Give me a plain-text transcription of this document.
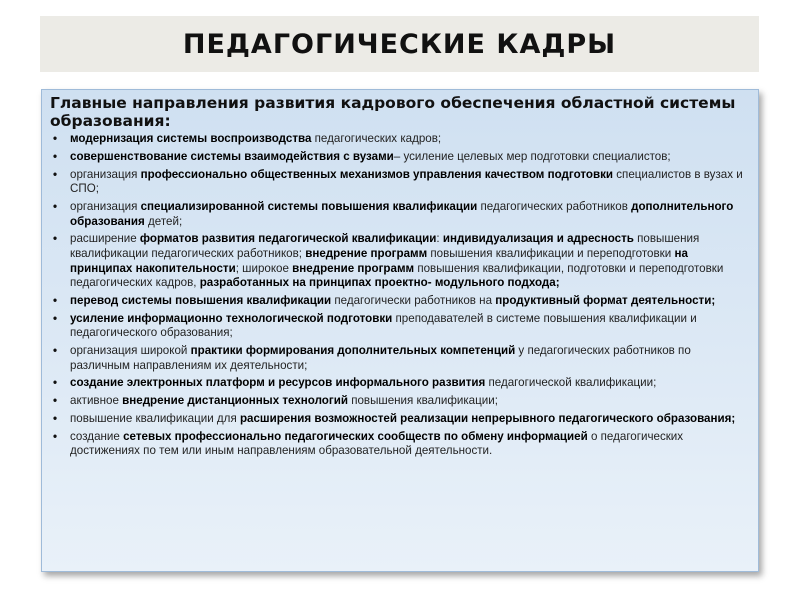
ПЕДАГОГИЧЕСКИЕ КАДРЫ

Главные направления развития кадрового обеспечения областной системы образования:

• модернизация системы воспроизводства педагогических кадров;
• совершенствование системы взаимодействия с вузами– усиление целевых мер подготовки специалистов;
• организация профессионально общественных механизмов управления качеством подготовки специалистов в вузах и СПО;
• организация специализированной системы повышения квалификации педагогических работников дополнительного образования детей;
• расширение форматов развития педагогической квалификации: индивидуализация и адресность повышения квалификации педагогических работников; внедрение программ повышения квалификации и переподготовки на принципах накопительности; широкое внедрение программ повышения квалификации, подготовки и переподготовки педагогических кадров, разработанных на принципах проектно- модульного подхода;
• перевод системы повышения квалификации педагогически работников на продуктивный формат деятельности;
• усиление информационно технологической подготовки преподавателей в системе повышения квалификации и педагогического образования;
• организация широкой практики формирования дополнительных компетенций у педагогических работников по различным направлениям их деятельности;
• создание электронных платформ и ресурсов информального развития педагогической квалификации;
• активное внедрение дистанционных технологий повышения квалификации;
• повышение квалификации для расширения возможностей реализации непрерывного педагогического образования;
• создание сетевых профессионально педагогических сообществ по обмену информацией о педагогических достижениях по тем или иным направлениям образовательной деятельности.
